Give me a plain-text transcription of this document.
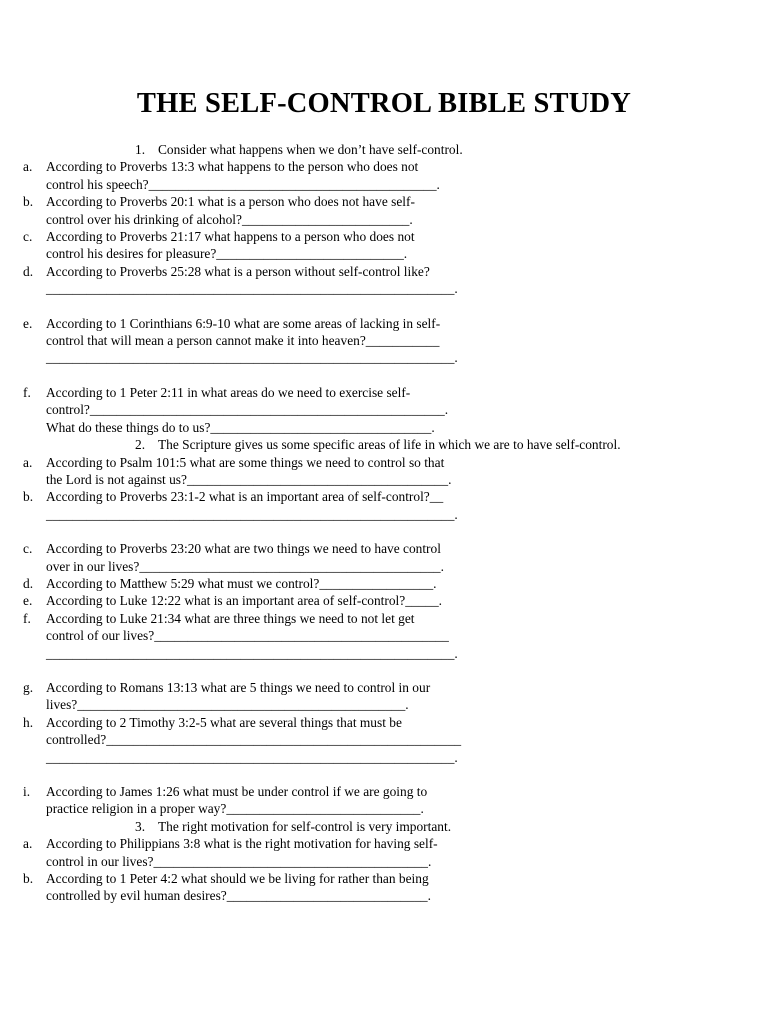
THE SELF-CONTROL BIBLE STUDY
1. Consider what happens when we don’t have self-control.
a. According to Proverbs 13:3 what happens to the person who does not
control his speech?___________________________________________.
b. According to Proverbs 20:1 what is a person who does not have self-
control over his drinking of alcohol?_________________________.
c. According to Proverbs 21:17 what happens to a person who does not
control his desires for pleasure?____________________________.
d. According to Proverbs 25:28 what is a person without self-control like?
_____________________________________________________________.
e. According to 1 Corinthians 6:9-10 what are some areas of lacking in self-
control that will mean a person cannot make it into heaven?___________
_____________________________________________________________.
f. According to 1 Peter 2:11 in what areas do we need to exercise self-
control?_____________________________________________________.
What do these things do to us?_________________________________.
2. The Scripture gives us some specific areas of life in which we are to have self-control.
a. According to Psalm 101:5 what are some things we need to control so that
the Lord is not against us?_______________________________________.
b. According to Proverbs 23:1-2 what is an important area of self-control?__
_____________________________________________________________.
c. According to Proverbs 23:20 what are two things we need to have control
over in our lives?_____________________________________________.
d. According to Matthew 5:29 what must we control?_________________.
e. According to Luke 12:22 what is an important area of self-control?_____.
f. According to Luke 21:34 what are three things we need to not let get
control of our lives?____________________________________________
_____________________________________________________________.
g. According to Romans 13:13 what are 5 things we need to control in our
lives?_________________________________________________.
h. According to 2 Timothy 3:2-5 what are several things that must be
controlled?_____________________________________________________
_____________________________________________________________.
i. According to James 1:26 what must be under control if we are going to
practice religion in a proper way?_____________________________.
3. The right motivation for self-control is very important.
a. According to Philippians 3:8 what is the right motivation for having self-
control in our lives?_________________________________________.
b. According to 1 Peter 4:2 what should we be living for rather than being
controlled by evil human desires?______________________________.
